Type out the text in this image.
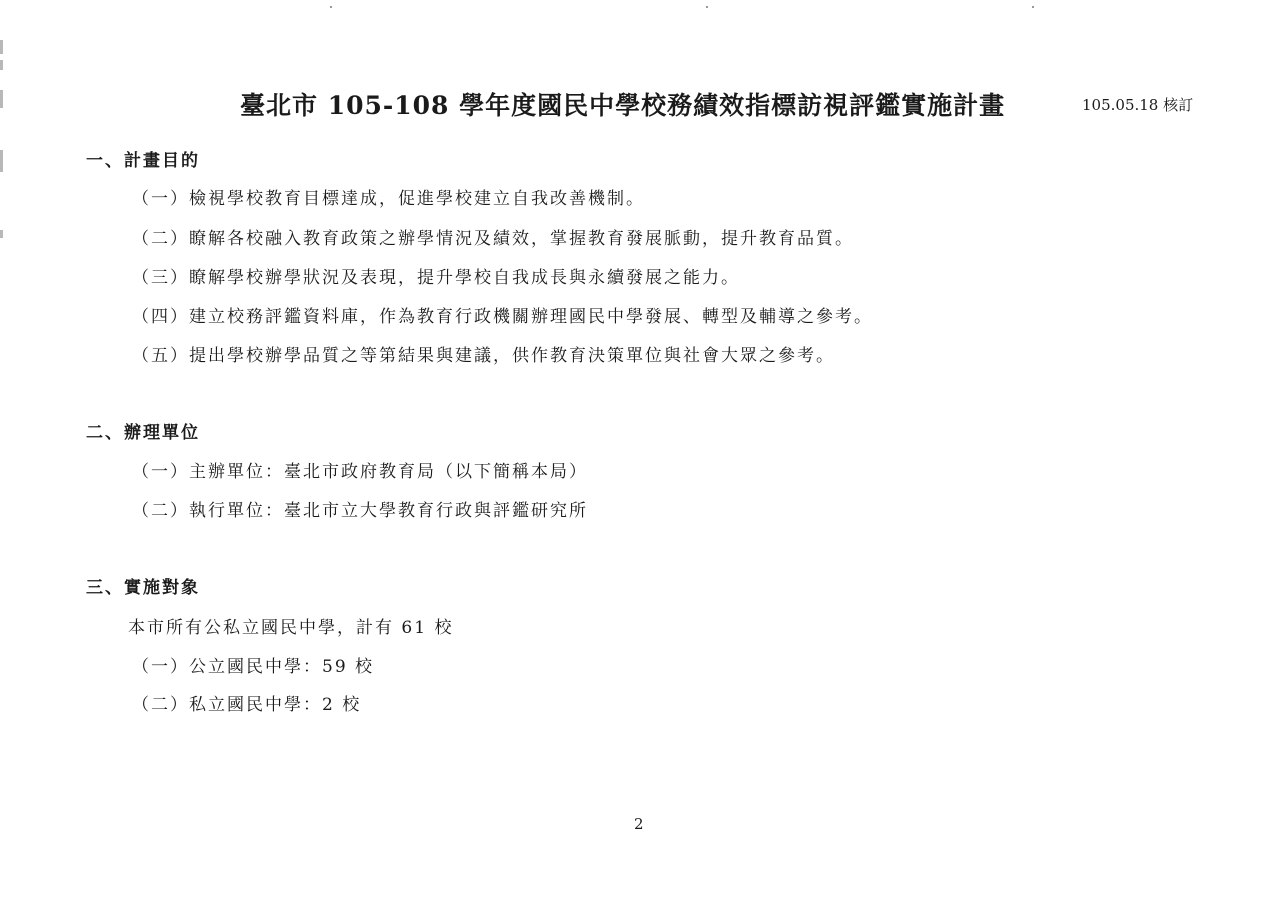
臺北市 105-108 學年度國民中學校務績效指標訪視評鑑實施計畫	105.05.18 核訂
一、計畫目的
（一）檢視學校教育目標達成，促進學校建立自我改善機制。
（二）瞭解各校融入教育政策之辦學情況及績效，掌握教育發展脈動，提升教育品質。
（三）瞭解學校辦學狀況及表現，提升學校自我成長與永續發展之能力。
（四）建立校務評鑑資料庫，作為教育行政機關辦理國民中學發展、轉型及輔導之參考。
（五）提出學校辦學品質之等第結果與建議，供作教育決策單位與社會大眾之參考。
二、辦理單位
（一）主辦單位：臺北市政府教育局（以下簡稱本局）
（二）執行單位：臺北市立大學教育行政與評鑑研究所
三、實施對象
本市所有公私立國民中學，計有 61 校
（一）公立國民中學：59 校
（二）私立國民中學：2 校
2
